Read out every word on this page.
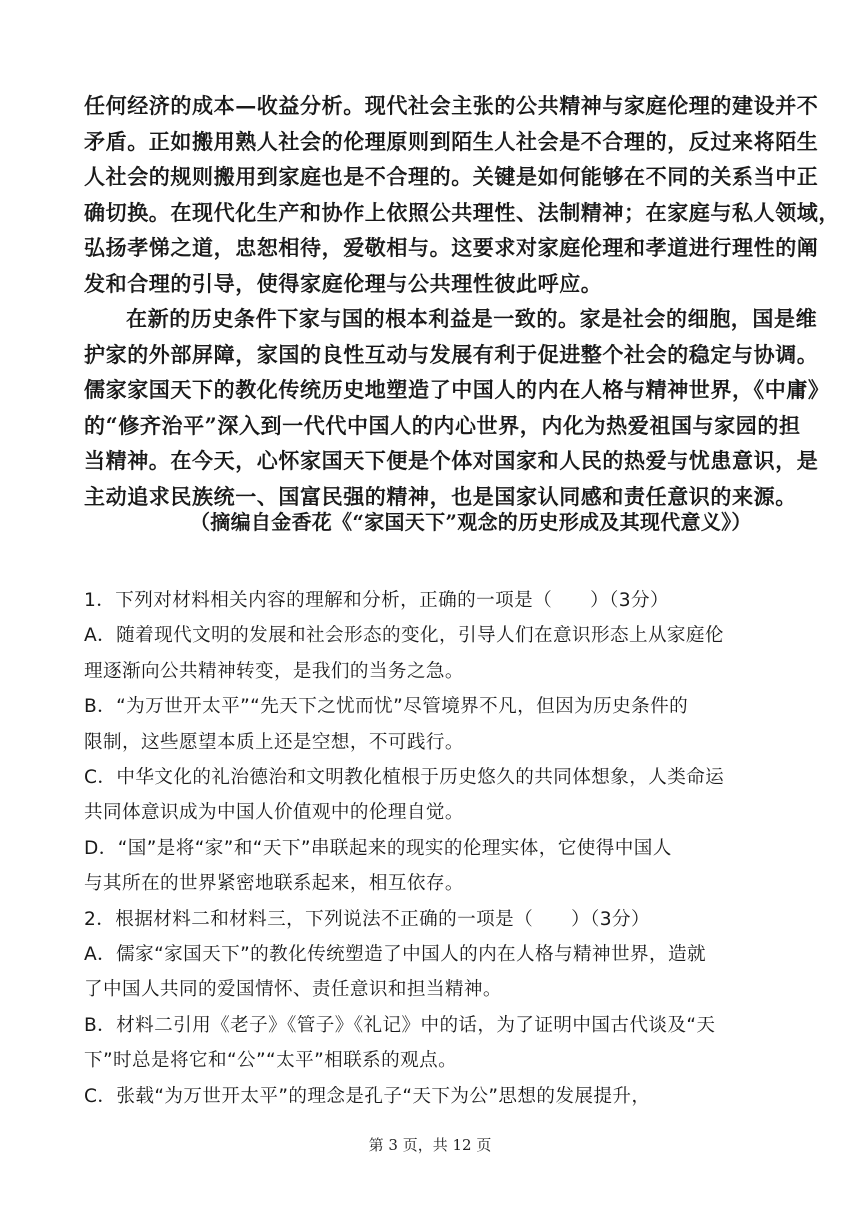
任何经济的成本—收益分析。现代社会主张的公共精神与家庭伦理的建设并不
矛盾。正如搬用熟人社会的伦理原则到陌生人社会是不合理的，反过来将陌生
人社会的规则搬用到家庭也是不合理的。关键是如何能够在不同的关系当中正
确切换。在现代化生产和协作上依照公共理性、法制精神；在家庭与私人领域，
弘扬孝悌之道，忠恕相待，爱敬相与。这要求对家庭伦理和孝道进行理性的阐
发和合理的引导，使得家庭伦理与公共理性彼此呼应。
在新的历史条件下家与国的根本利益是一致的。家是社会的细胞，国是维
护家的外部屏障，家国的良性互动与发展有利于促进整个社会的稳定与协调。
儒家家国天下的教化传统历史地塑造了中国人的内在人格与精神世界，《中庸》
的“修齐治平”深入到一代代中国人的内心世界，内化为热爱祖国与家园的担
当精神。在今天，心怀家国天下便是个体对国家和人民的热爱与忧患意识，是
主动追求民族统一、国富民强的精神，也是国家认同感和责任意识的来源。
（摘编自金香花《“家国天下”观念的历史形成及其现代意义》）
1．下列对材料相关内容的理解和分析，正确的一项是（　　）（3分）
A．随着现代文明的发展和社会形态的变化，引导人们在意识形态上从家庭伦
理逐渐向公共精神转变，是我们的当务之急。
B．“为万世开太平”“先天下之忧而忧”尽管境界不凡，但因为历史条件的
限制，这些愿望本质上还是空想，不可践行。
C．中华文化的礼治德治和文明教化植根于历史悠久的共同体想象，人类命运
共同体意识成为中国人价值观中的伦理自觉。
D．“国”是将“家”和“天下”串联起来的现实的伦理实体，它使得中国人
与其所在的世界紧密地联系起来，相互依存。
2．根据材料二和材料三，下列说法不正确的一项是（　　）（3分）
A．儒家“家国天下”的教化传统塑造了中国人的内在人格与精神世界，造就
了中国人共同的爱国情怀、责任意识和担当精神。
B．材料二引用《老子》《管子》《礼记》中的话，为了证明中国古代谈及“天
下”时总是将它和“公”“太平”相联系的观点。
C．张载“为万世开太平”的理念是孔子“天下为公”思想的发展提升，
第 3 页，共 12 页
